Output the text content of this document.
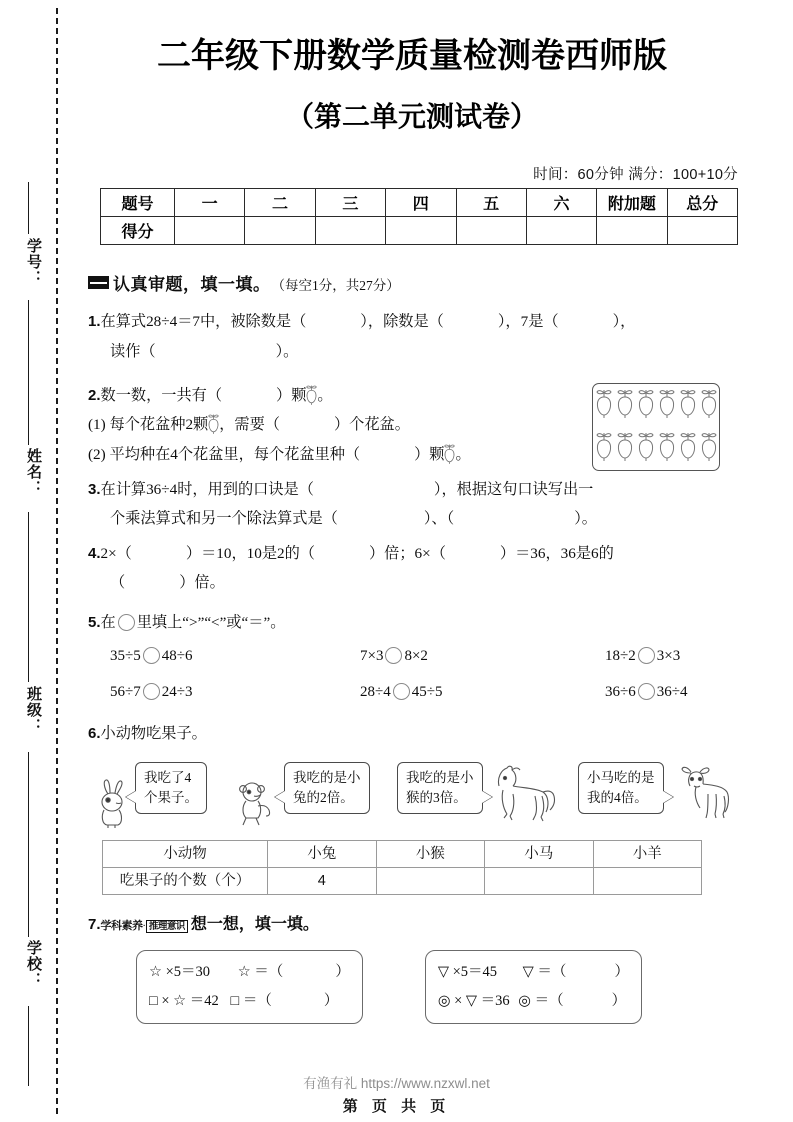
学号：
姓名：
班级：
学校：
二年级下册数学质量检测卷西师版
（第二单元测试卷）
时间：60分钟 满分：100+10分
题号	一	二	三	四	五	六	附加题	总分
得分								
认真审题，填一填。 （每空1分，共27分）
1.在算式28÷4＝7中，被除数是（	），除数是（	），7是（	），
读作（	）。
2.数一数，一共有（	）颗 。
(1) 每个花盆种2颗 ，需要（	）个花盆。
(2) 平均种在4个花盆里，每个花盆里种（	）颗 。
3.在计算36÷4时，用到的口诀是（	），根据这句口诀写出一
个乘法算式和另一个除法算式是（	）、（	）。
4.2×（	）＝10，10是2的（	）倍；6×（	）＝36，36是6的
（	）倍。
5.在 里填上“>”“<”或“＝”。
35÷5 48÷6	7×3 8×2	18÷2 3×3
56÷7 24÷3	28÷4 45÷5	36÷6 36÷4
6.小动物吃果子。
我吃了4
个果子。
我吃的是小
兔的2倍。
我吃的是小
猴的3倍。
小马吃的是
我的4倍。
小动物	小兔	小猴	小马	小羊
吃果子的个数（个）	4			
7.学科素养· 推理意识 想一想，填一填。
☆ ×5＝30 ☆ ＝（	）
□ × ☆ ＝42 □ ＝（	）
▽ ×5＝45 ▽ ＝（	）
◎ × ▽ ＝36 ◎ ＝（	）
有渔有礼 https://www.nzxwl.net
第 页 共 页
